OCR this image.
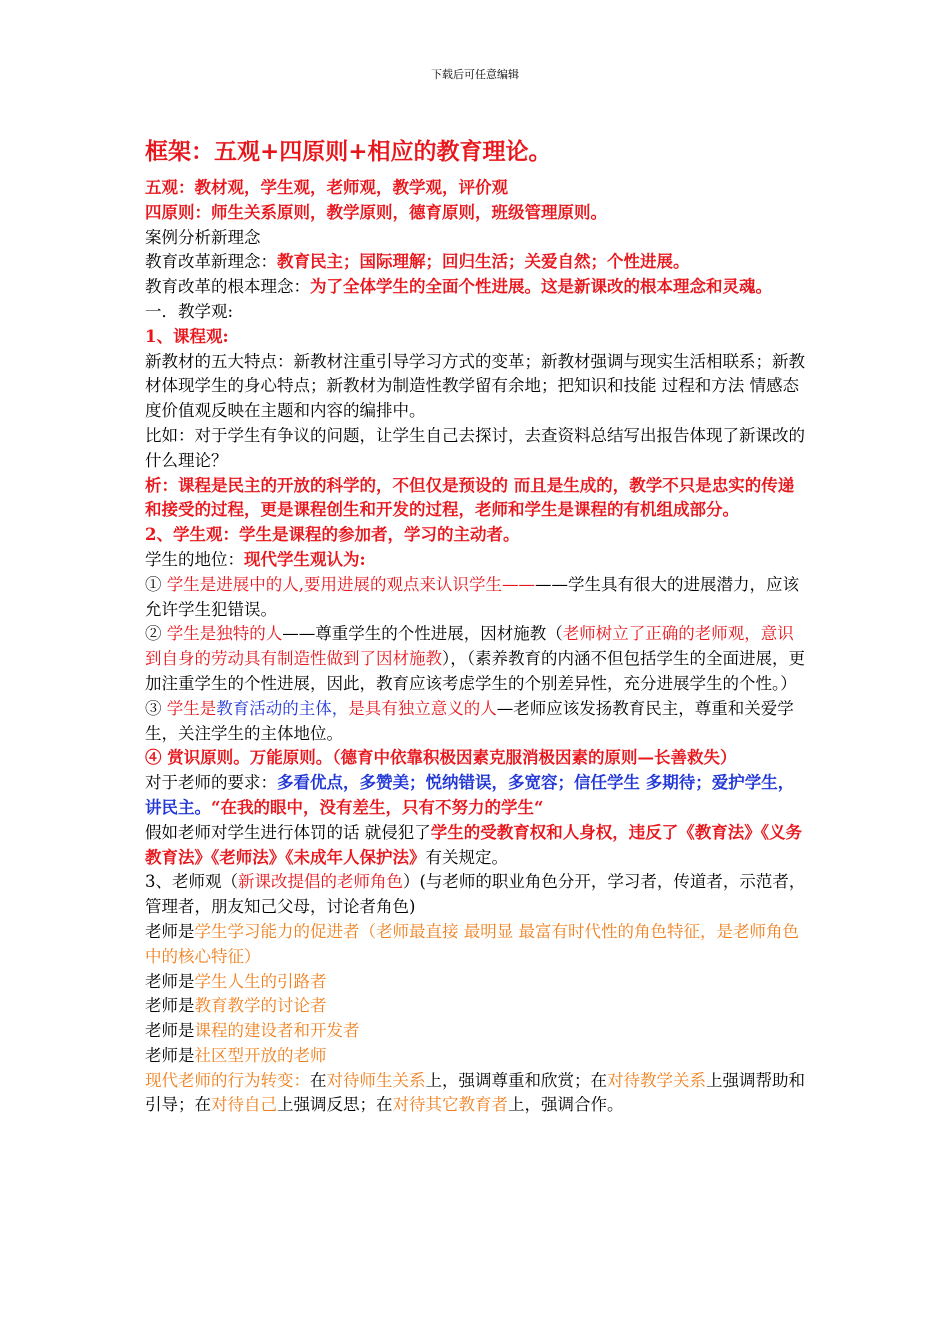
下载后可任意编辑
框架：五观+四原则+相应的教育理论。
五观：教材观，学生观，老师观，教学观，评价观
四原则：师生关系原则，教学原则，德育原则，班级管理原则。
案例分析新理念
教育改革新理念：教育民主；国际理解；回归生活；关爱自然；个性进展。
教育改革的根本理念：为了全体学生的全面个性进展。这是新课改的根本理念和灵魂。
一．教学观:
1、课程观:
新教材的五大特点：新教材注重引导学习方式的变革；新教材强调与现实生活相联系；新教材体现学生的身心特点；新教材为制造性教学留有余地；把知识和技能 过程和方法 情感态度价值观反映在主题和内容的编排中。
比如：对于学生有争议的问题，让学生自己去探讨，去查资料总结写出报告体现了新课改的什么理论？
析：课程是民主的开放的科学的，不但仅是预设的 而且是生成的，教学不只是忠实的传递和接受的过程，更是课程创生和开发的过程，老师和学生是课程的有机组成部分。
2、学生观：学生是课程的参加者，学习的主动者。
学生的地位：现代学生观认为:
① 学生是进展中的人,要用进展的观点来认识学生————学生具有很大的进展潜力，应该允许学生犯错误。
② 学生是独特的人——尊重学生的个性进展，因材施教（老师树立了正确的老师观，意识到自身的劳动具有制造性做到了因材施教），（素养教育的内涵不但包括学生的全面进展，更加注重学生的个性进展，因此，教育应该考虑学生的个别差异性，充分进展学生的个性。）
③ 学生是教育活动的主体，是具有独立意义的人—老师应该发扬教育民主，尊重和关爱学生，关注学生的主体地位。
④ 赏识原则。万能原则。（德育中依靠积极因素克服消极因素的原则—长善救失）
对于老师的要求：多看优点，多赞美；悦纳错误，多宽容；信任学生 多期待；爱护学生，讲民主。“在我的眼中，没有差生，只有不努力的学生“
假如老师对学生进行体罚的话 就侵犯了学生的受教育权和人身权，违反了《教育法》《义务教育法》《老师法》《未成年人保护法》有关规定。
3、老师观（新课改提倡的老师角色）(与老师的职业角色分开，学习者，传道者，示范者，管理者，朋友知己父母，讨论者角色)
老师是学生学习能力的促进者（老师最直接 最明显 最富有时代性的角色特征，是老师角色中的核心特征）
老师是学生人生的引路者
老师是教育教学的讨论者
老师是课程的建设者和开发者
老师是社区型开放的老师
现代老师的行为转变：在对待师生关系上，强调尊重和欣赏；在对待教学关系上强调帮助和引导；在对待自己上强调反思；在对待其它教育者上，强调合作。
